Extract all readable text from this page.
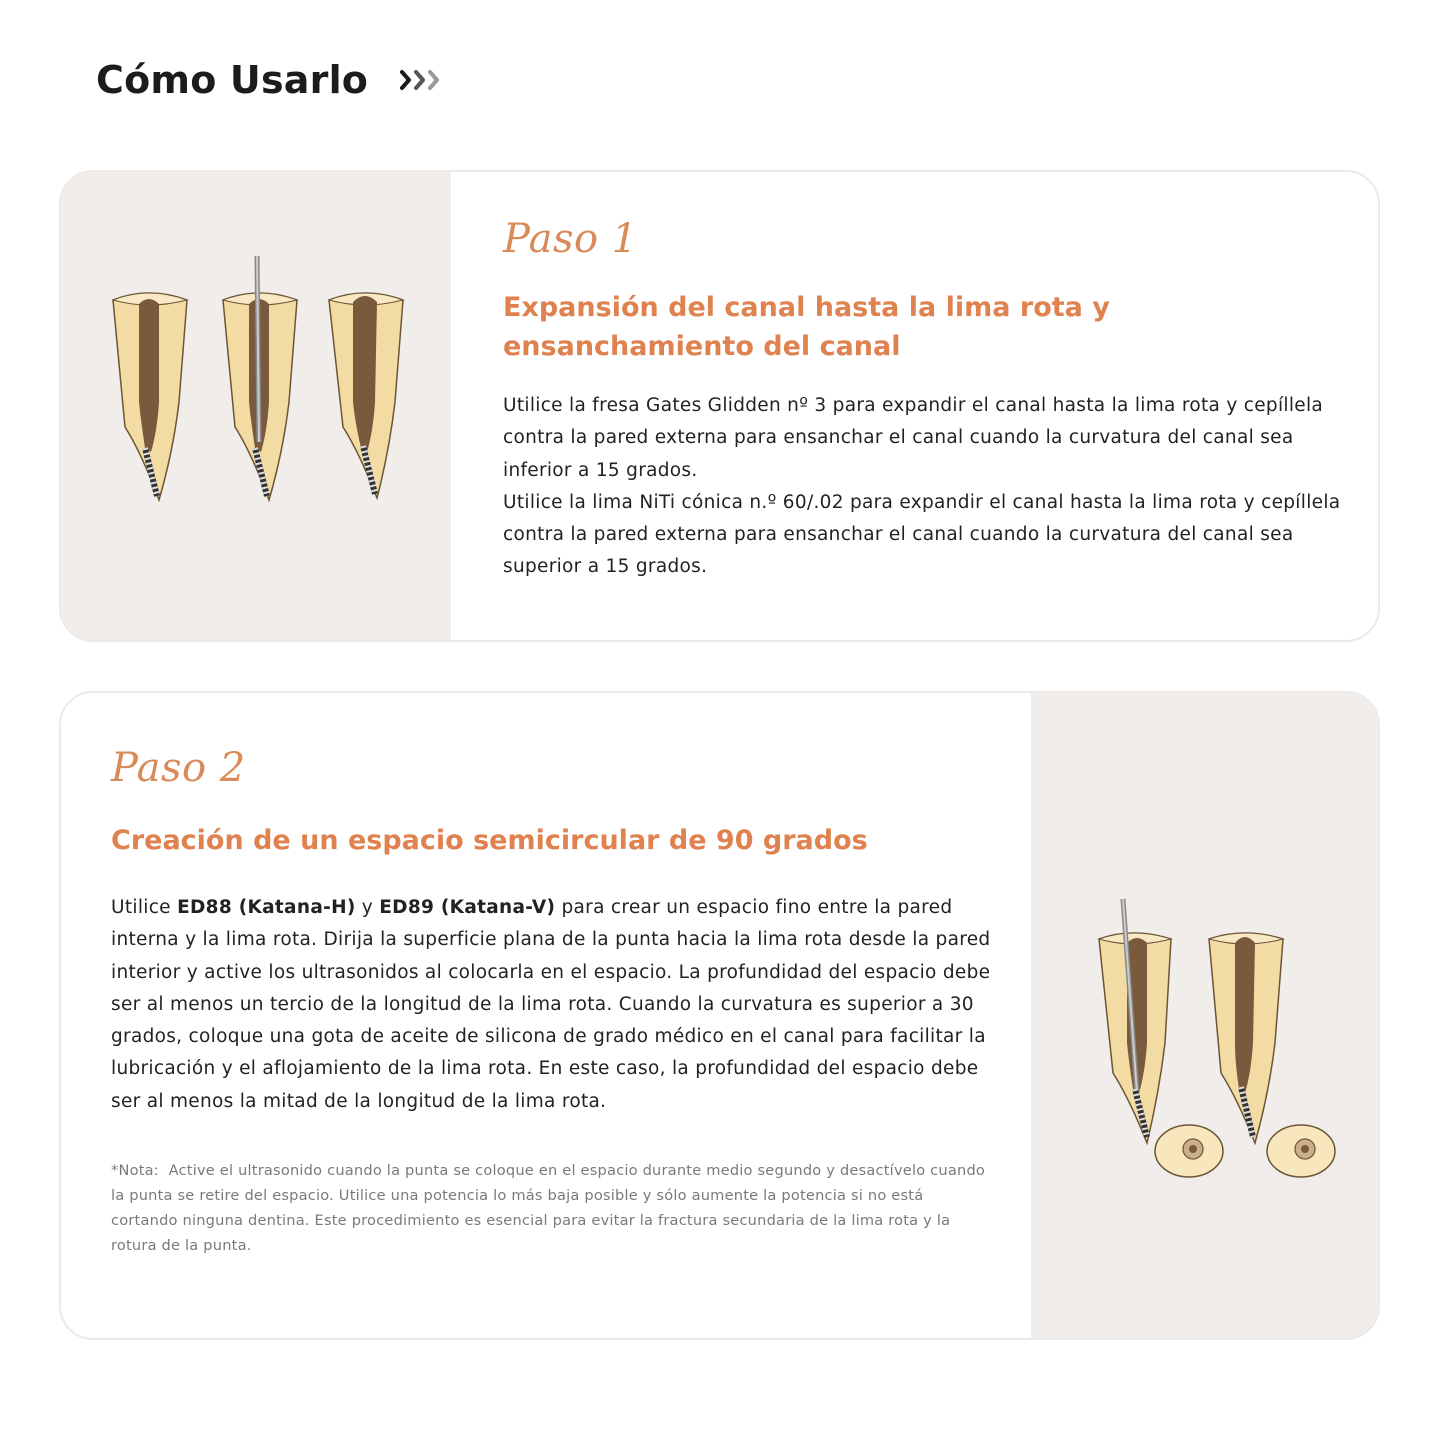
Cómo Usarlo
Paso 1
Expansión del canal hasta la lima rota y
ensanchamiento del canal

Utilice la fresa Gates Glidden nº 3 para expandir el canal hasta la lima rota y cepíllela contra la pared externa para ensanchar el canal cuando la curvatura del canal sea inferior a 15 grados.
Utilice la lima NiTi cónica n.º 60/.02 para expandir el canal hasta la lima rota y cepíllela contra la pared externa para ensanchar el canal cuando la curvatura del canal sea superior a 15 grados.

Paso 2
Creación de un espacio semicircular de 90 grados

Utilice ED88 (Katana-H) y ED89 (Katana-V) para crear un espacio fino entre la pared interna y la lima rota. Dirija la superficie plana de la punta hacia la lima rota desde la pared interior y active los ultrasonidos al colocarla en el espacio. La profundidad del espacio debe ser al menos un tercio de la longitud de la lima rota. Cuando la curvatura es superior a 30 grados, coloque una gota de aceite de silicona de grado médico en el canal para facilitar la lubricación y el aflojamiento de la lima rota. En este caso, la profundidad del espacio debe ser al menos la mitad de la longitud de la lima rota.

*Nota: Active el ultrasonido cuando la punta se coloque en el espacio durante medio segundo y desactívelo cuando la punta se retire del espacio. Utilice una potencia lo más baja posible y sólo aumente la potencia si no está cortando ninguna dentina. Este procedimiento es esencial para evitar la fractura secundaria de la lima rota y la rotura de la punta.
